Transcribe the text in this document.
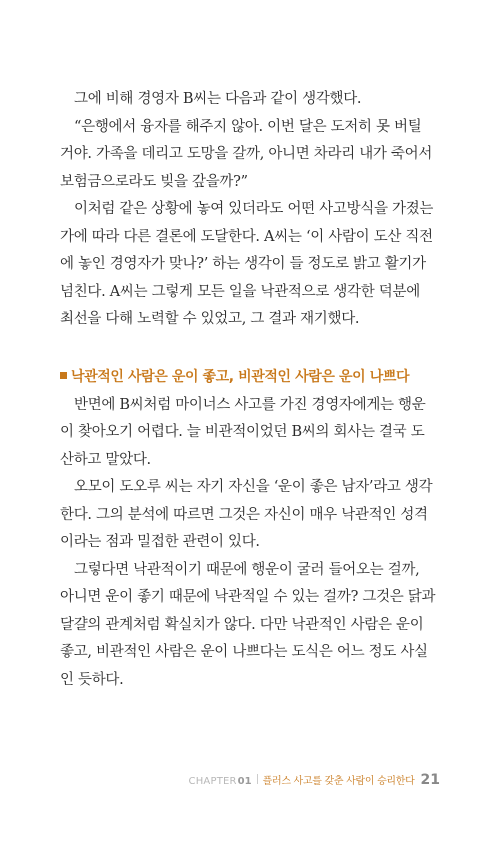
그에 비해 경영자 B씨는 다음과 같이 생각했다.

“은행에서 융자를 해주지 않아. 이번 달은 도저히 못 버틸
거야. 가족을 데리고 도망을 갈까, 아니면 차라리 내가 죽어서
보험금으로라도 빚을 갚을까?”

이처럼 같은 상황에 놓여 있더라도 어떤 사고방식을 가졌는
가에 따라 다른 결론에 도달한다. A씨는 ‘이 사람이 도산 직전
에 놓인 경영자가 맞나?’ 하는 생각이 들 정도로 밝고 활기가
넘친다. A씨는 그렇게 모든 일을 낙관적으로 생각한 덕분에
최선을 다해 노력할 수 있었고, 그 결과 재기했다.

낙관적인 사람은 운이 좋고, 비관적인 사람은 운이 나쁘다

반면에 B씨처럼 마이너스 사고를 가진 경영자에게는 행운
이 찾아오기 어렵다. 늘 비관적이었던 B씨의 회사는 결국 도
산하고 말았다.

오모이 도오루 씨는 자기 자신을 ‘운이 좋은 남자’라고 생각
한다. 그의 분석에 따르면 그것은 자신이 매우 낙관적인 성격
이라는 점과 밀접한 관련이 있다.

그렇다면 낙관적이기 때문에 행운이 굴러 들어오는 걸까,
아니면 운이 좋기 때문에 낙관적일 수 있는 걸까? 그것은 닭과
달걀의 관계처럼 확실치가 않다. 다만 낙관적인 사람은 운이
좋고, 비관적인 사람은 운이 나쁘다는 도식은 어느 정도 사실
인 듯하다.

CHAPTER 01 플러스 사고를 갖춘 사람이 승리한다 21
